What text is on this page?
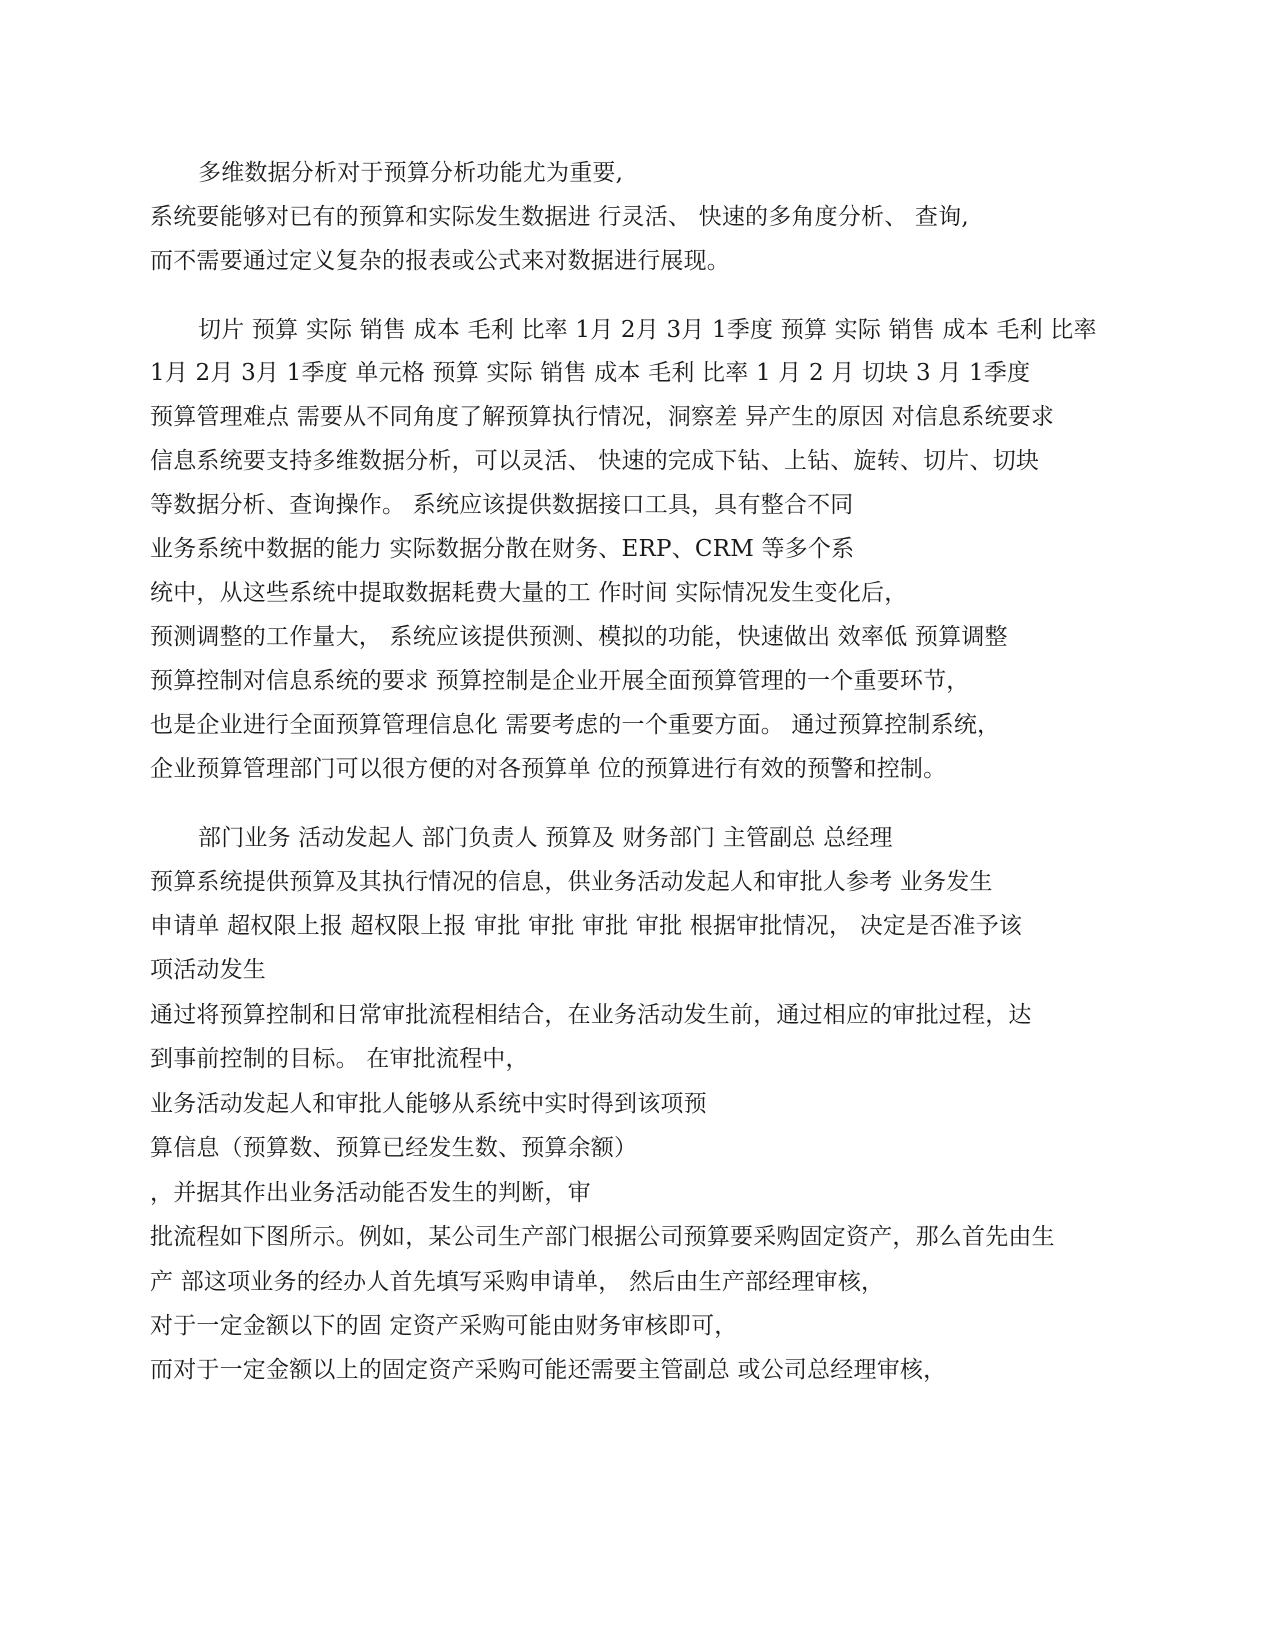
多维数据分析对于预算分析功能尤为重要,

系统要能够对已有的预算和实际发生数据进 行灵活、 快速的多角度分析、 查询,

而不需要通过定义复杂的报表或公式来对数据进行展现。

切片 预算 实际 销售 成本 毛利 比率 1月 2月 3月 1季度 预算 实际 销售 成本 毛利 比率

1月 2月 3月 1季度 单元格 预算 实际 销售 成本 毛利 比率 1 月 2 月 切块 3 月 1季度

预算管理难点 需要从不同角度了解预算执行情况，洞察差 异产生的原因 对信息系统要求

信息系统要支持多维数据分析，可以灵活、 快速的完成下钻、上钻、旋转、切片、切块

等数据分析、查询操作。 系统应该提供数据接口工具，具有整合不同

业务系统中数据的能力 实际数据分散在财务、ERP、CRM 等多个系

统中，从这些系统中提取数据耗费大量的工 作时间 实际情况发生变化后，

预测调整的工作量大， 系统应该提供预测、模拟的功能，快速做出 效率低 预算调整

预算控制对信息系统的要求 预算控制是企业开展全面预算管理的一个重要环节，

也是企业进行全面预算管理信息化 需要考虑的一个重要方面。 通过预算控制系统，

企业预算管理部门可以很方便的对各预算单 位的预算进行有效的预警和控制。

部门业务 活动发起人 部门负责人 预算及 财务部门 主管副总 总经理

预算系统提供预算及其执行情况的信息，供业务活动发起人和审批人参考 业务发生

申请单 超权限上报 超权限上报 审批 审批 审批 审批 根据审批情况， 决定是否准予该

项活动发生

通过将预算控制和日常审批流程相结合，在业务活动发生前，通过相应的审批过程，达

到事前控制的目标。 在审批流程中，

业务活动发起人和审批人能够从系统中实时得到该项预

算信息（预算数、预算已经发生数、预算余额）

，并据其作出业务活动能否发生的判断，审

批流程如下图所示。例如，某公司生产部门根据公司预算要采购固定资产，那么首先由生

产 部这项业务的经办人首先填写采购申请单， 然后由生产部经理审核，

对于一定金额以下的固 定资产采购可能由财务审核即可，

而对于一定金额以上的固定资产采购可能还需要主管副总 或公司总经理审核，
